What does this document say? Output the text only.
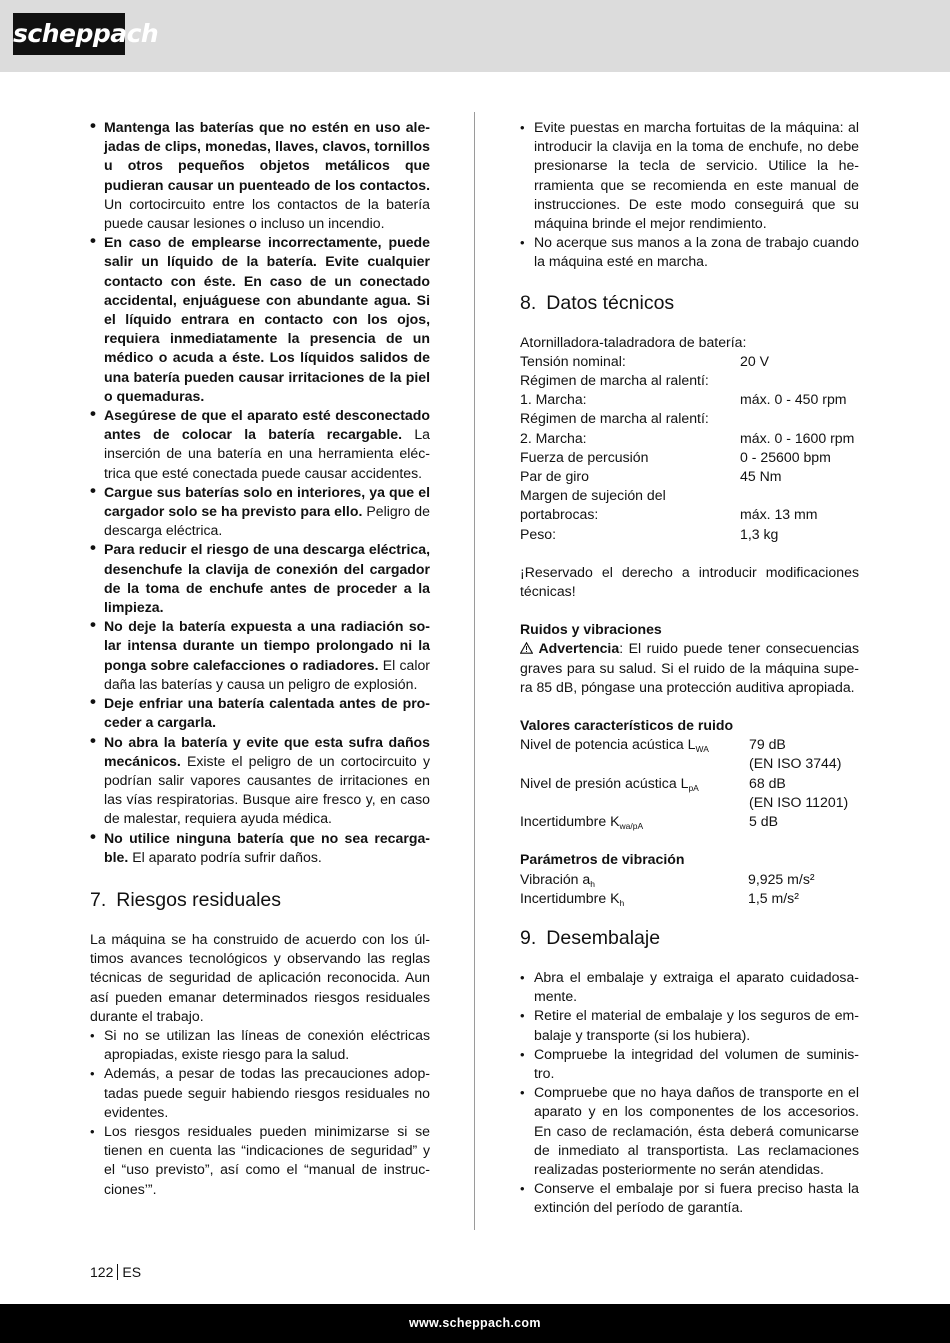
scheppach
• Mantenga las baterías que no estén en uso alejadas de clips, monedas, llaves, clavos, tornillos u otros pequeños objetos metálicos que pudieran causar un puenteado de los contactos. Un cortocircuito entre los contactos de la batería puede causar lesiones o incluso un incendio.
• En caso de emplearse incorrectamente, puede salir un líquido de la batería. Evite cualquier contacto con éste. En caso de un conectado accidental, enjuáguese con abundante agua. Si el líquido entrara en contacto con los ojos, requiera inmediatamente la presencia de un médico o acuda a éste. Los líquidos salidos de una batería pueden causar irritaciones de la piel o quemaduras.
• Asegúrese de que el aparato esté desconectado antes de colocar la batería recargable. La inserción de una batería en una herramienta eléctrica que esté conectada puede causar accidentes.
• Cargue sus baterías solo en interiores, ya que el cargador solo se ha previsto para ello. Peligro de descarga eléctrica.
• Para reducir el riesgo de una descarga eléctrica, desenchufe la clavija de conexión del cargador de la toma de enchufe antes de proceder a la limpieza.
• No deje la batería expuesta a una radiación solar intensa durante un tiempo prolongado ni la ponga sobre calefacciones o radiadores. El calor daña las baterías y causa un peligro de explosión.
• Deje enfriar una batería calentada antes de proceder a cargarla.
• No abra la batería y evite que esta sufra daños mecánicos. Existe el peligro de un cortocircuito y podrían salir vapores causantes de irritaciones en las vías respiratorias. Busque aire fresco y, en caso de malestar, requiera ayuda médica.
• No utilice ninguna batería que no sea recargable. El aparato podría sufrir daños.
7. Riesgos residuales

La máquina se ha construido de acuerdo con los últimos avances tecnológicos y observando las reglas técnicas de seguridad de aplicación reconocida. Aun así pueden emanar determinados riesgos residuales durante el trabajo.

• Si no se utilizan las líneas de conexión eléctricas apropiadas, existe riesgo para la salud.
• Además, a pesar de todas las precauciones adoptadas puede seguir habiendo riesgos residuales no evidentes.
• Los riesgos residuales pueden minimizarse si se tienen en cuenta las “indicaciones de seguridad” y el “uso previsto”, así como el “manual de instrucciones’”.
• Evite puestas en marcha fortuitas de la máquina: al introducir la clavija en la toma de enchufe, no debe presionarse la tecla de servicio. Utilice la herramienta que se recomienda en este manual de instrucciones. De este modo conseguirá que su máquina brinde el mejor rendimiento.
• No acerque sus manos a la zona de trabajo cuando la máquina esté en marcha.
8. Datos técnicos
Atornilladora-taladradora de batería:
Tensión nominal:	20 V
Régimen de marcha al ralentí:
1. Marcha:	máx. 0 - 450 rpm
Régimen de marcha al ralentí:
2. Marcha:	máx. 0 - 1600 rpm
Fuerza de percusión	0 - 25600 bpm
Par de giro	45 Nm
Margen de sujeción del
portabrocas:	máx. 13 mm
Peso:	1,3 kg

¡Reservado el derecho a introducir modificaciones técnicas!

Ruidos y vibraciones

Advertencia: El ruido puede tener consecuencias graves para su salud. Si el ruido de la máquina supera 85 dB, póngase una protección auditiva apropiada.

Valores característicos de ruido
Nivel de potencia acústica $L_{WA}$	79 dB
(EN ISO 3744)
Nivel de presión acústica $L_{pA}$	68 dB
(EN ISO 11201)
Incertidumbre $K_{wa/pA}$	5 dB
Parámetros de vibración
Vibración $a_h$	9,925 m/s²
Incertidumbre $K_h$	1,5 m/s²
9. Desembalaje
• Abra el embalaje y extraiga el aparato cuidadosamente.
• Retire el material de embalaje y los seguros de embalaje y transporte (si los hubiera).
• Compruebe la integridad del volumen de suministro.
• Compruebe que no haya daños de transporte en el aparato y en los componentes de los accesorios. En caso de reclamación, ésta deberá comunicarse de inmediato al transportista. Las reclamaciones realizadas posteriormente no serán atendidas.
• Conserve el embalaje por si fuera preciso hasta la extinción del período de garantía.
122 ES
www.scheppach.com
